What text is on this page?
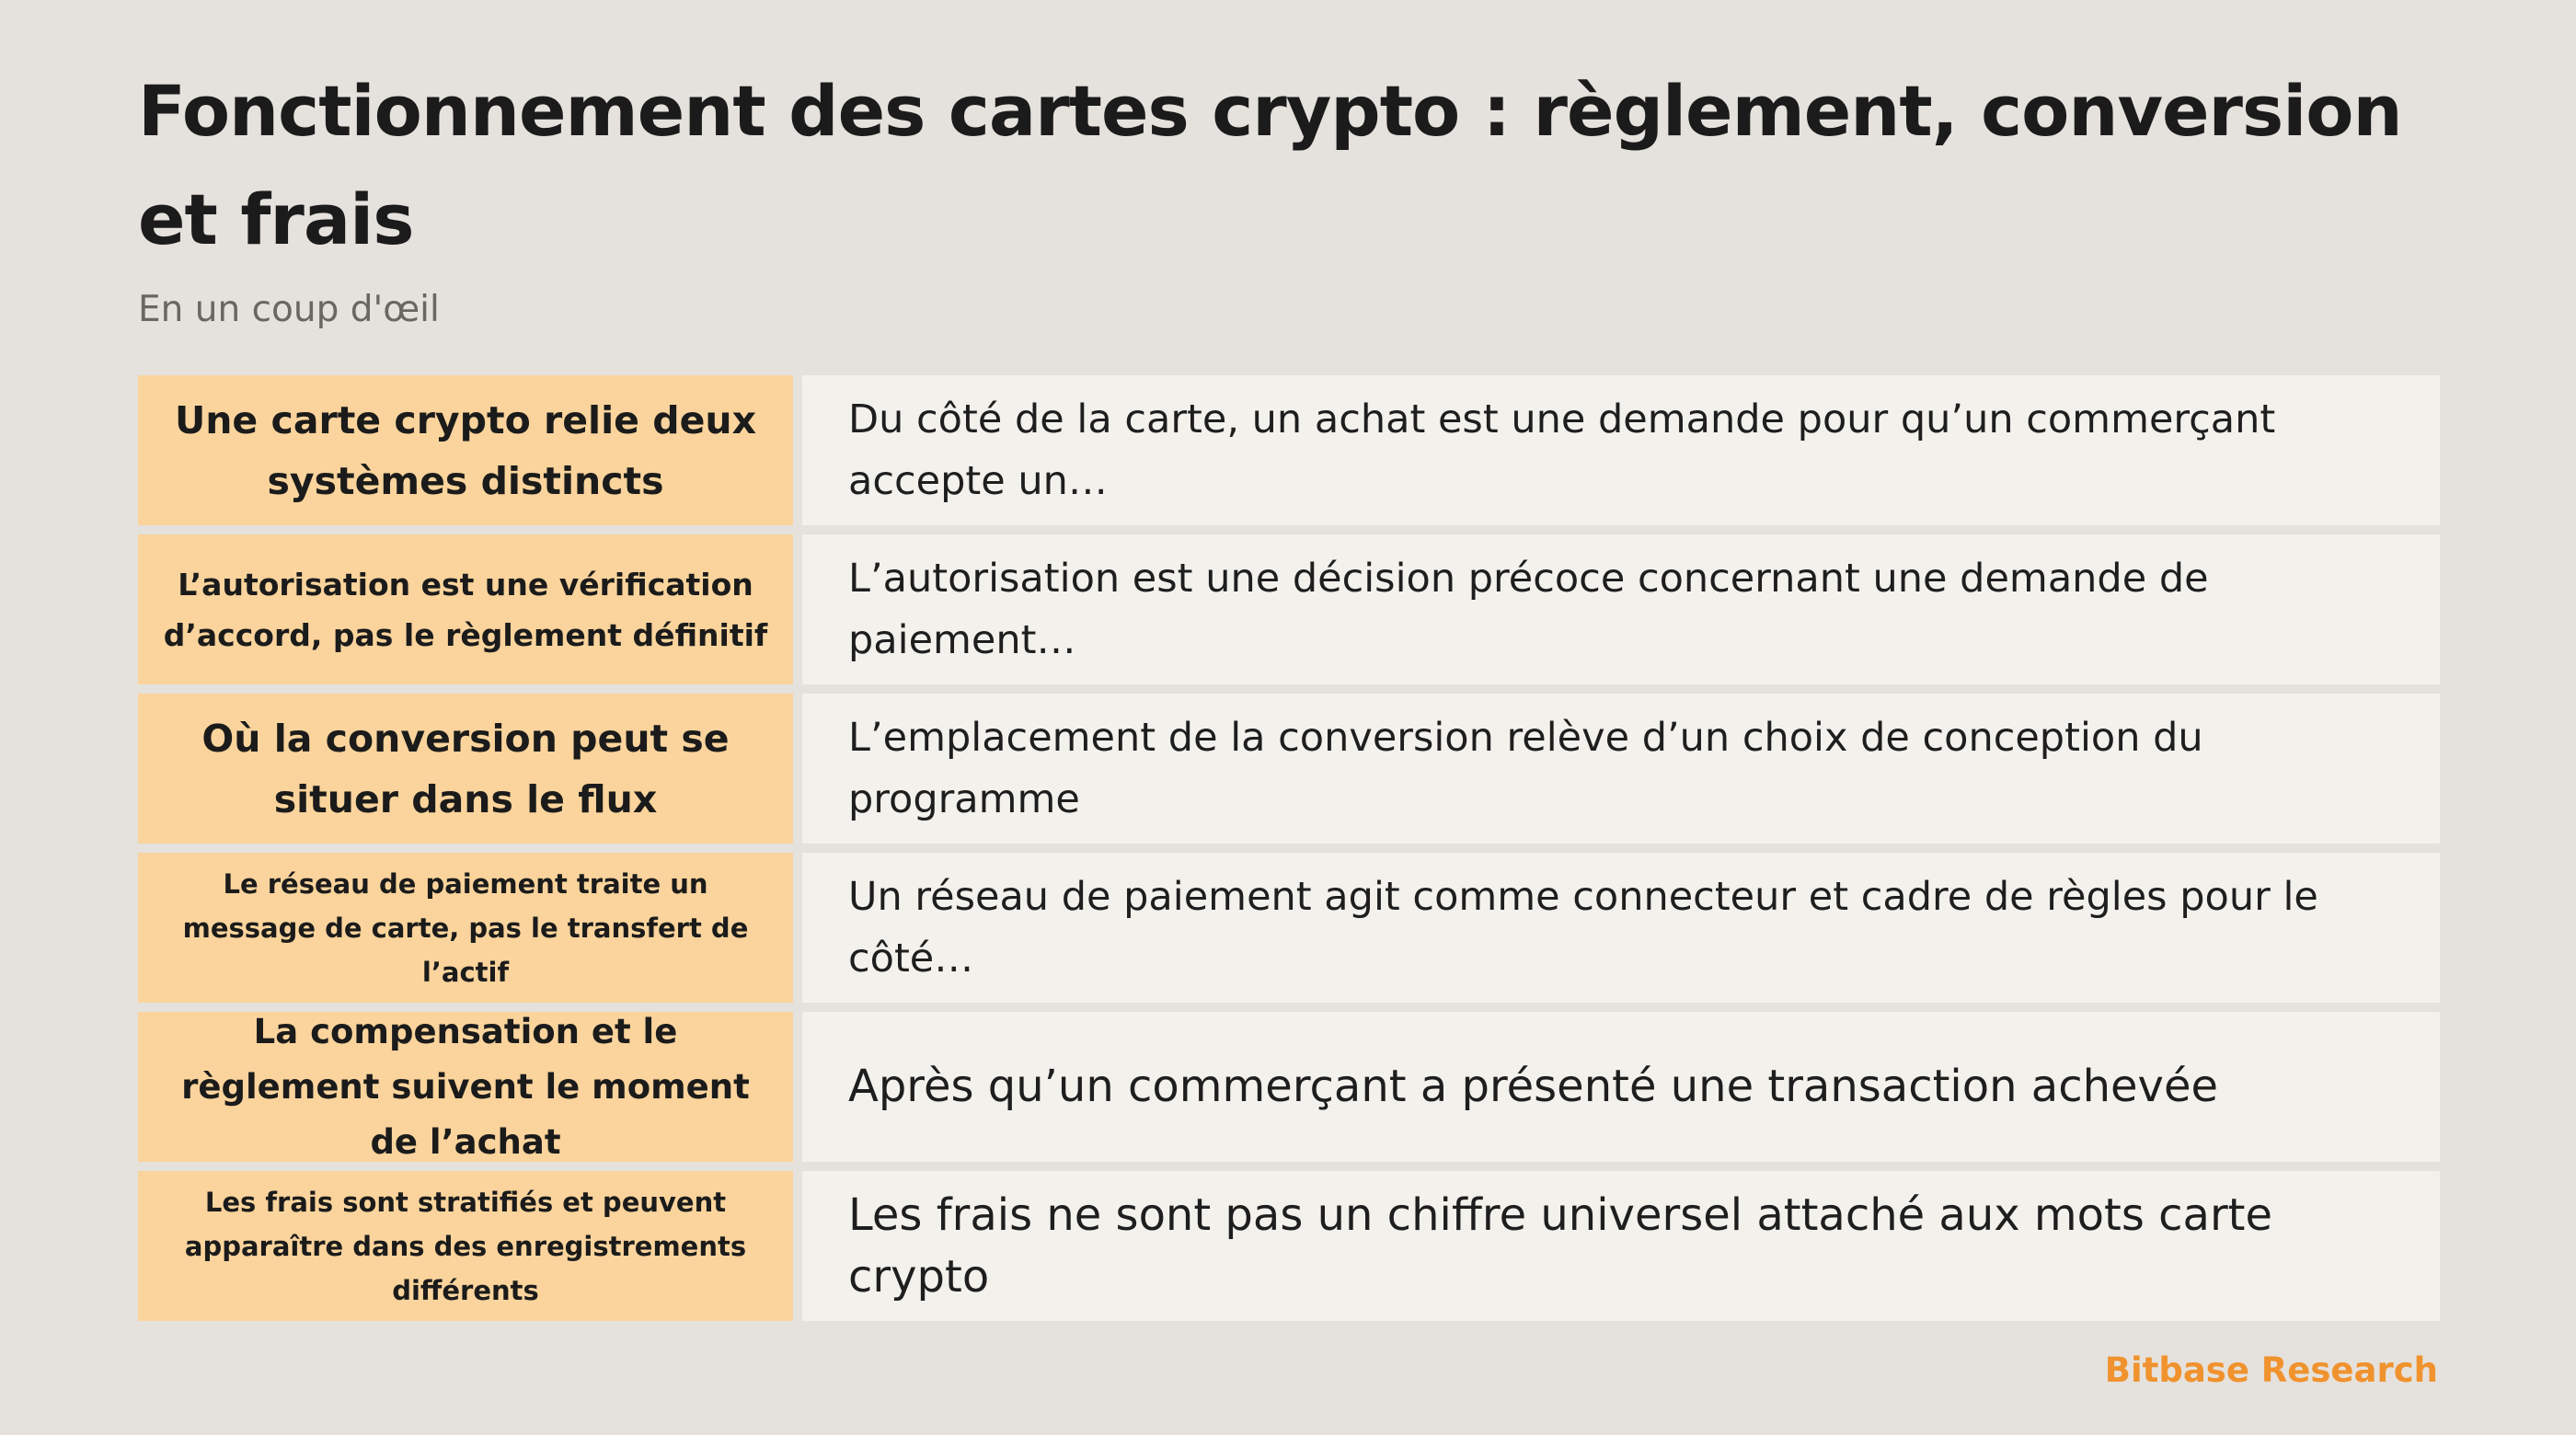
Fonctionnement des cartes crypto : règlement, conversion et frais

En un coup d'œil

Une carte crypto relie deux systèmes distincts
Du côté de la carte, un achat est une demande pour qu’un commerçant accepte un…
L’autorisation est une vérification d’accord, pas le règlement définitif
L’autorisation est une décision précoce concernant une demande de paiement…
Où la conversion peut se situer dans le flux
L’emplacement de la conversion relève d’un choix de conception du programme
Le réseau de paiement traite un message de carte, pas le transfert de l’actif
Un réseau de paiement agit comme connecteur et cadre de règles pour le côté…
La compensation et le règlement suivent le moment de l’achat
Après qu’un commerçant a présenté une transaction achevée
Les frais sont stratifiés et peuvent apparaître dans des enregistrements différents
Les frais ne sont pas un chiffre universel attaché aux mots carte crypto
Bitbase Research
